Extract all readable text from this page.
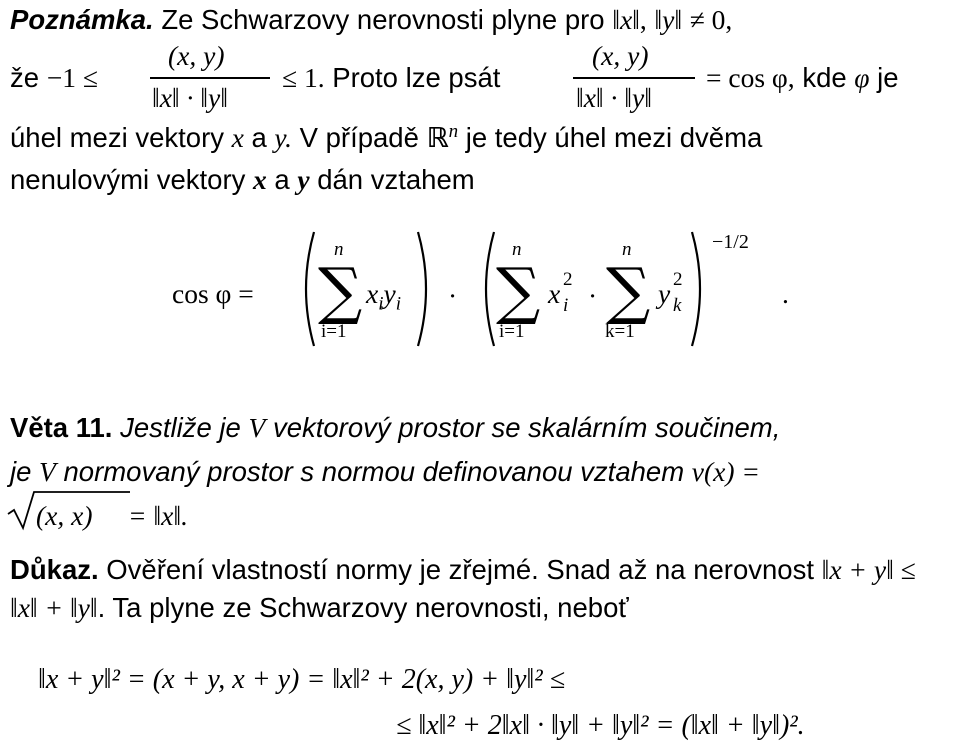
Poznámka. Ze Schwarzovy nerovnosti plyne pro ‖x‖, ‖y‖ ≠ 0,
že −1 ≤
(x, y)
‖x‖ · ‖y‖
≤ 1. Proto lze psát
(x, y)
‖x‖ · ‖y‖
= cos φ, kde φ je
úhel mezi vektory x a y. V případě ℝ$^n$ je tedy úhel mezi dvěma
nenulovými vektory x a y dán vztahem
cos φ =
n
∑
i=1
$x_iy_i$ ·
n
∑
i=1
x 2
i ·
n
∑
k=1
y 2
k
−1/2
.
Věta 11. Jestliže je V vektorový prostor se skalárním součinem,
je V normovaný prostor s normou definovanou vztahem ν(x) =
(x, x) = ‖x‖.
Důkaz. Ověření vlastností normy je zřejmé. Snad až na nerovnost ‖x + y‖ ≤
‖x‖ + ‖y‖. Ta plyne ze Schwarzovy nerovnosti, neboť
‖x + y‖² = (x + y, x + y) = ‖x‖² + 2(x, y) + ‖y‖² ≤
≤ ‖x‖² + 2‖x‖ · ‖y‖ + ‖y‖² = (‖x‖ + ‖y‖)².
